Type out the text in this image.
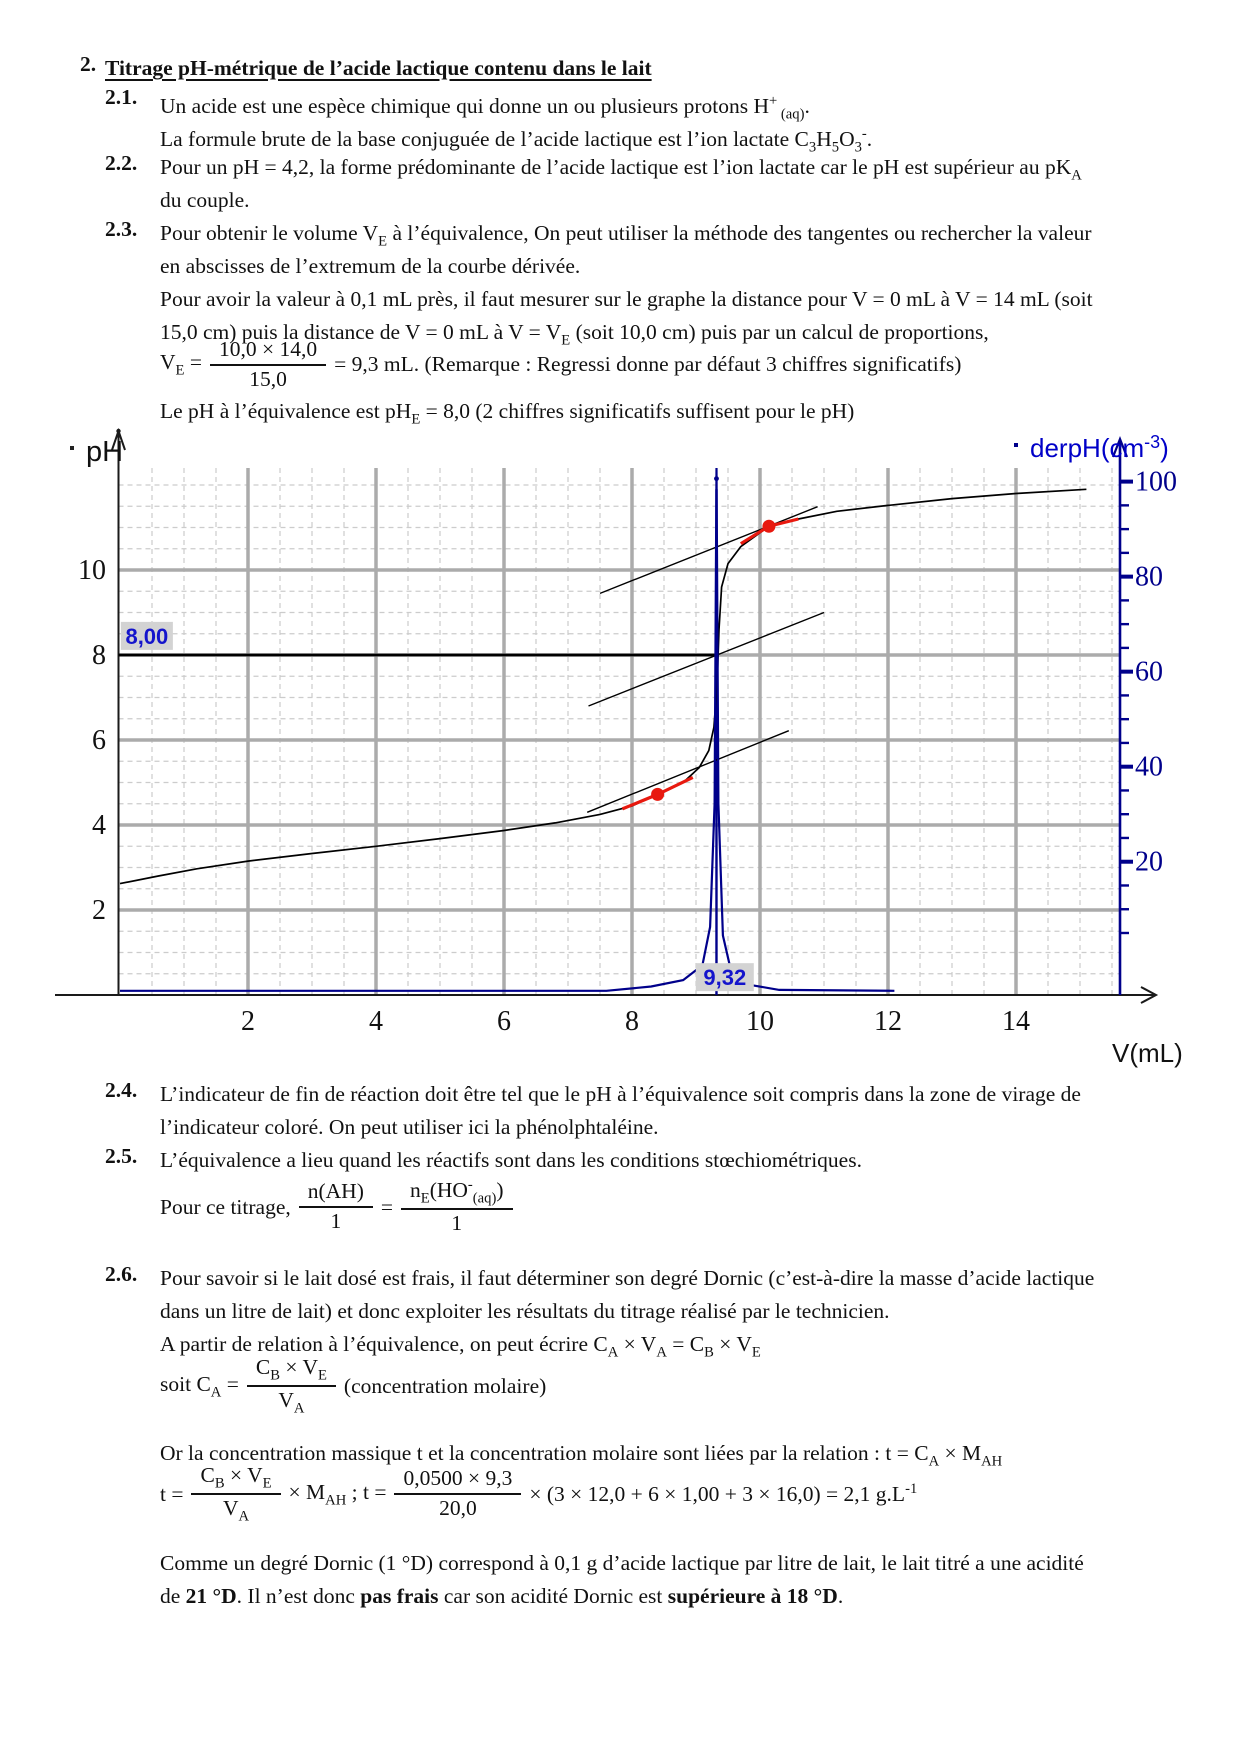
2. Titrage pH-métrique de l’acide lactique contenu dans le lait
2.1. Un acide est une espèce chimique qui donne un ou plusieurs protons H+ $_{(aq)}$.
La formule brute de la base conjuguée de l’acide lactique est l’ion lactate $C_3H_5O_3^-$.
2.2. Pour un pH = 4,2, la forme prédominante de l’acide lactique est l’ion lactate car le pH est supérieur au $pK_A$
du couple.
2.3. Pour obtenir le volume $V_E$ à l’équivalence, On peut utiliser la méthode des tangentes ou rechercher la valeur
en abscisses de l’extremum de la courbe dérivée.
Pour avoir la valeur à 0,1 mL près, il faut mesurer sur le graphe la distance pour V = 0 mL à V = 14 mL (soit
15,0 cm) puis la distance de V = 0 mL à $V = V_E$ (soit 10,0 cm) puis par un calcul de proportions,
$V_E = \frac{10,0 \times 14,0}{15,0} = 9,3$ mL. (Remarque : Regressi donne par défaut 3 chiffres significatifs)
Le pH à l’équivalence est $pH_E = 8,0$ (2 chiffres significatifs suffisent pour le pH)
20
40
60
80
100
2	4	6	8	10	12	14
2
4
6
8
10
8,00
9,32
pH	$derpH(cm^{-3})$
V(mL)
2.4. L’indicateur de fin de réaction doit être tel que le pH à l’équivalence soit compris dans la zone de virage de
l’indicateur coloré. On peut utiliser ici la phénolphtaléine.
2.5. L’équivalence a lieu quand les réactifs sont dans les conditions stœchiométriques.
Pour ce titrage, $\frac{n(AH)}{1} = \frac{n_E(HO^-_{(aq)})}{1}$
2.6. Pour savoir si le lait dosé est frais, il faut déterminer son degré Dornic (c’est-à-dire la masse d’acide lactique
dans un litre de lait) et donc exploiter les résultats du titrage réalisé par le technicien.
A partir de relation à l’équivalence, on peut écrire $C_A \times V_A = C_B \times V_E$
soit $C_A = \frac{C_B \times V_E}{V_A}$ (concentration molaire)
Or la concentration massique t et la concentration molaire sont liées par la relation : $t = C_A \times M_{AH}$
$t = \frac{C_B \times V_E}{V_A} \times M_{AH}$ ; $t = \frac{0,0500 \times 9,3}{20,0} \times (3 \times 12,0 + 6 \times 1,00 + 3 \times 16,0) = 2,1$ $g.L^{-1}$
Comme un degré Dornic (1 °D) correspond à 0,1 g d’acide lactique par litre de lait, le lait titré a une acidité
de 21 °D. Il n’est donc pas frais car son acidité Dornic est supérieure à 18 °D.
